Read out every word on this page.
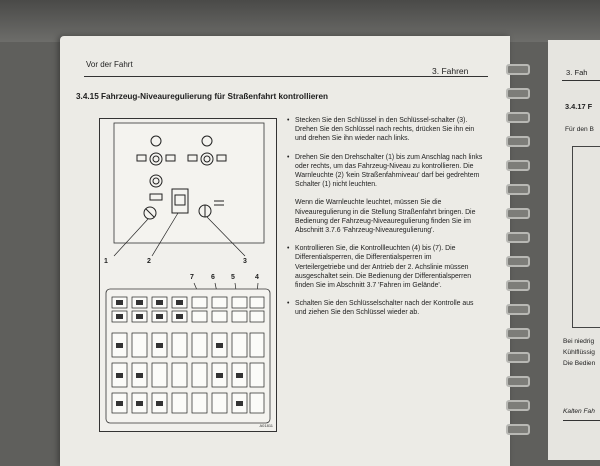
Vor der Fahrt
3. Fahren
3.4.15 Fahrzeug-Niveauregulierung für Straßenfahrt kontrollieren
1	2	3
7 6 5	4
A01811

• Stecken Sie den Schlüssel in den Schlüssel-schalter (3). Drehen Sie den Schlüssel nach rechts, drücken Sie ihn ein und drehen Sie ihn wieder nach links.

• Drehen Sie den Drehschalter (1) bis zum Anschlag nach links oder rechts, um das Fahrzeug-Niveau zu kontrollieren. Die Warnleuchte (2) 'kein Straßenfahrniveau' darf bei gedrehtem Schalter (1) nicht leuchten.

Wenn die Warnleuchte leuchtet, müssen Sie die Niveauregulierung in die Stellung Straßenfahrt bringen. Die Bedienung der Fahrzeug-Niveauregulierung finden Sie im Abschnitt 3.7.6 'Fahrzeug-Niveauregulierung'.

• Kontrollieren Sie, die Kontrollleuchten (4) bis (7). Die Differentialsperren, die Differentialsperren im Verteilergetriebe und der Antrieb der 2. Achslinie müssen ausgeschaltet sein. Die Bedienung der Differentialsperren finden Sie im Abschnitt 3.7 'Fahren im Gelände'.

• Schalten Sie den Schlüsselschalter nach der Kontrolle aus und ziehen Sie den Schlüssel wieder ab.

3. Fah
3.4.17 F
Für den B
Bei niedrig
Kühlflüssig
Die Bedien
Kalten Fah
